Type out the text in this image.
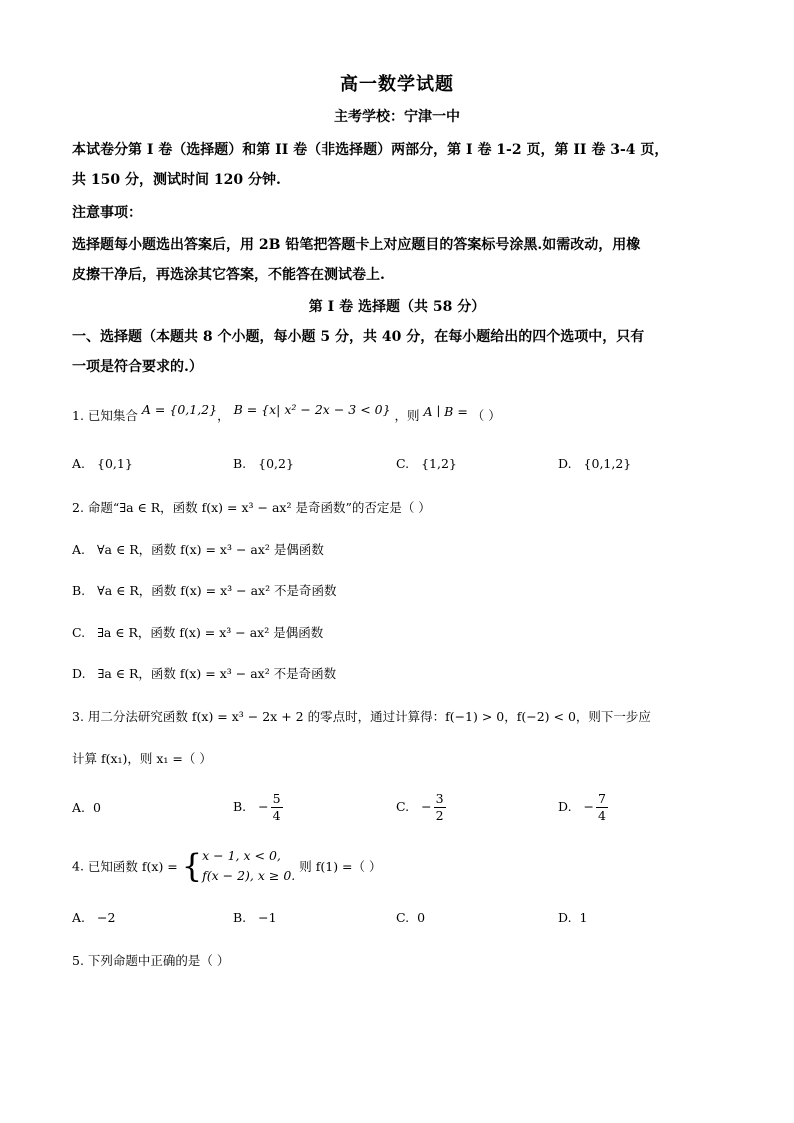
高一数学试题
主考学校：宁津一中
本试卷分第 I 卷（选择题）和第 II 卷（非选择题）两部分，第 I 卷 1-2 页，第 II 卷 3-4 页，
共 150 分，测试时间 120 分钟.
注意事项：
选择题每小题选出答案后，用 2B 铅笔把答题卡上对应题目的答案标号涂黑.如需改动，用橡
皮擦干净后，再选涂其它答案，不能答在测试卷上.
第 I 卷 选择题（共 58 分）
一、选择题（本题共 8 个小题，每小题 5 分，共 40 分，在每小题给出的四个选项中，只有
一项是符合要求的.）
1. 已知集合 A = {0,1,2}， B = {x| x² − 2x − 3 < 0} ，则 A ∣ B = （ ）
A. {0,1}	B. {0,2}	C. {1,2}	D. {0,1,2}
2. 命题“∃a ∈ R，函数 f(x) = x³ − ax² 是奇函数”的否定是（ ）
A. ∀a ∈ R，函数 f(x) = x³ − ax² 是偶函数
B. ∀a ∈ R，函数 f(x) = x³ − ax² 不是奇函数
C. ∃a ∈ R，函数 f(x) = x³ − ax² 是偶函数
D. ∃a ∈ R，函数 f(x) = x³ − ax² 不是奇函数
3. 用二分法研究函数 f(x) = x³ − 2x + 2 的零点时，通过计算得：f(−1) > 0，f(−2) < 0，则下一步应
计算 f(x₁)，则 x₁ =（ ）
A. 0	B. − $\frac{5}{4}$	C. − $\frac{3}{2}$	D. − $\frac{7}{4}$
4. 已知函数 f(x) = { x − 1, x < 0,
f(x − 2), x ≥ 0.
则 f(1) =（ ）
A. −2	B. −1	C. 0	D. 1
5. 下列命题中正确的是（ ）
